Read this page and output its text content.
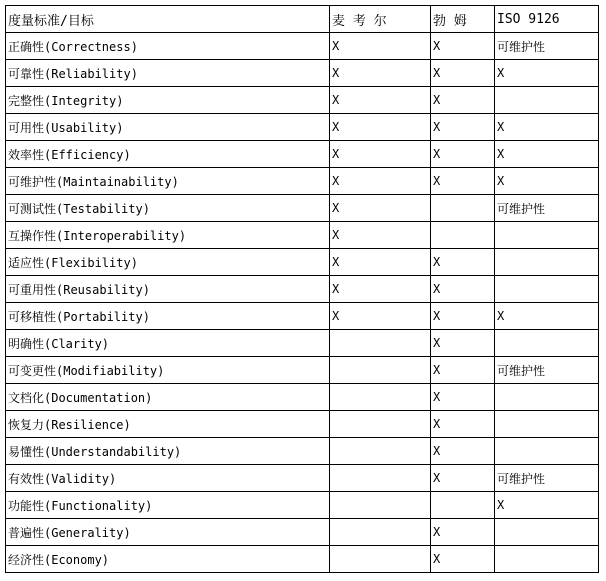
度量标准/目标	麦 考 尔	勃 姆	ISO 9126
正确性(Correctness)	X	X	可维护性
可靠性(Reliability)	X	X	X
完整性(Integrity)	X	X	
可用性(Usability)	X	X	X
效率性(Efficiency)	X	X	X
可维护性(Maintainability)	X	X	X
可测试性(Testability)	X		可维护性
互操作性(Interoperability)	X		
适应性(Flexibility)	X	X	
可重用性(Reusability)	X	X	
可移植性(Portability)	X	X	X
明确性(Clarity)		X	
可变更性(Modifiability)		X	可维护性
文档化(Documentation)		X	
恢复力(Resilience)		X	
易懂性(Understandability)		X	
有效性(Validity)		X	可维护性
功能性(Functionality)			X
普遍性(Generality)		X	
经济性(Economy)		X	
